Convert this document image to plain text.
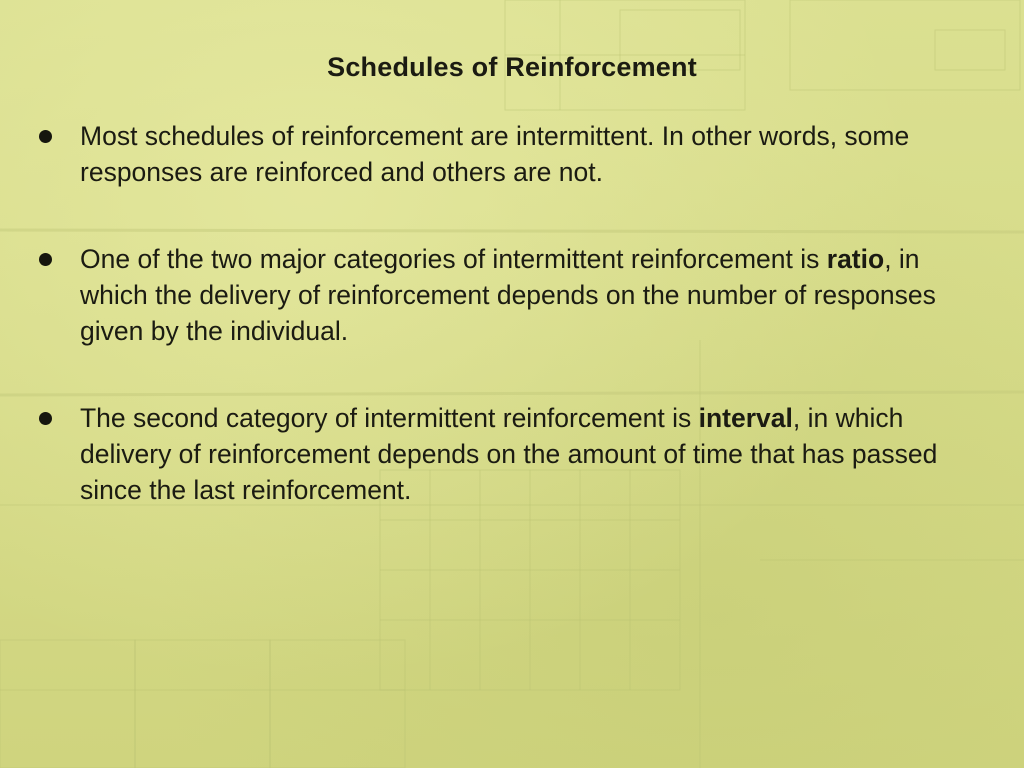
Schedules of Reinforcement
Most schedules of reinforcement are intermittent. In other words, some responses are reinforced and others are not.
One of the two major categories of intermittent reinforcement is ratio, in which the delivery of reinforcement depends on the number of responses given by the individual.
The second category of intermittent reinforcement is interval, in which delivery of reinforcement depends on the amount of time that has passed since the last reinforcement.
